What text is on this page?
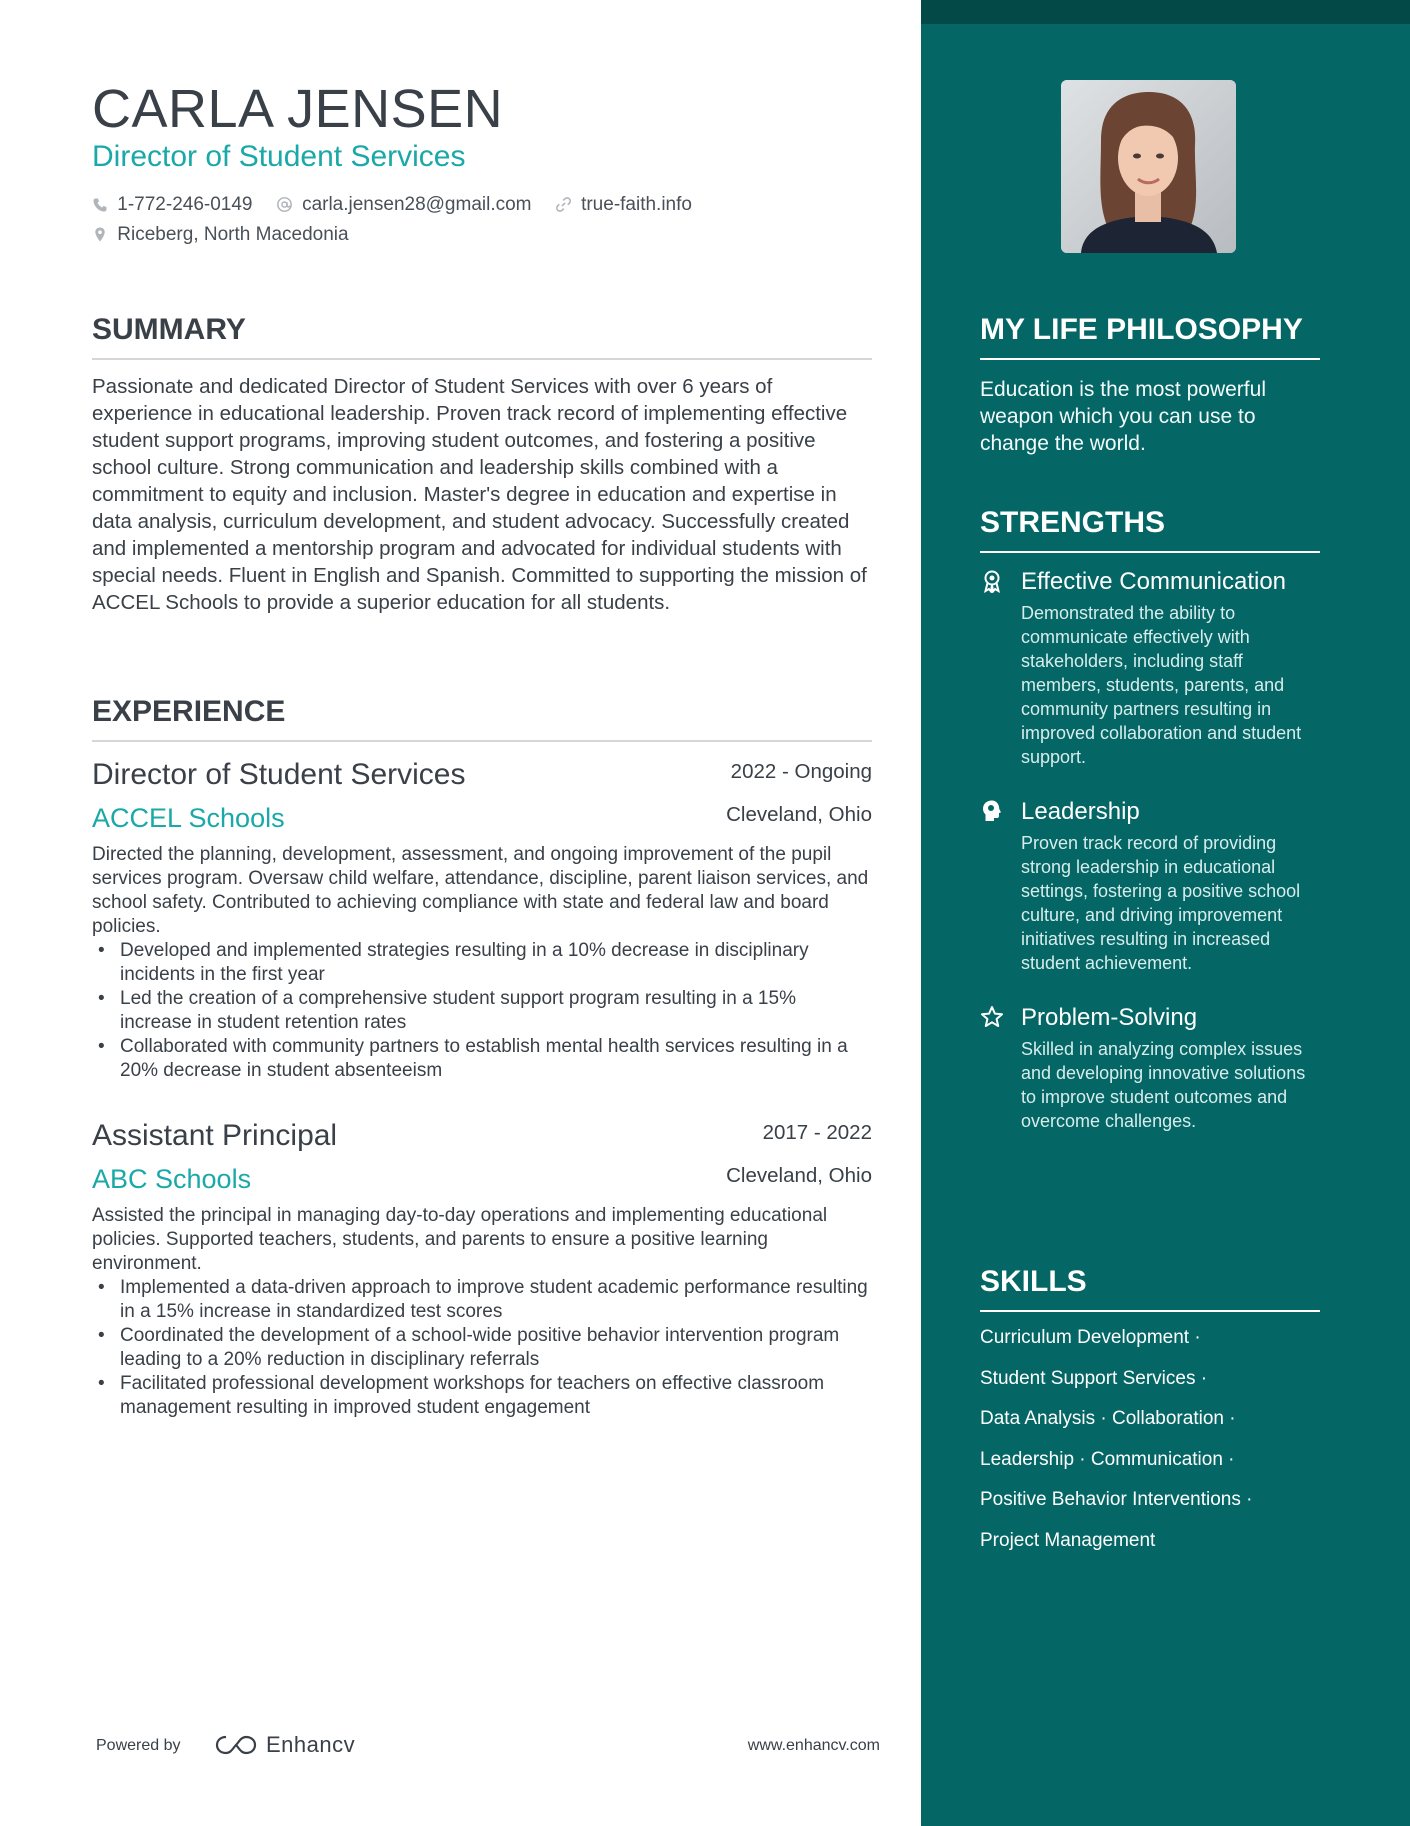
CARLA JENSEN
Director of Student Services
1-772-246-0149	carla.jensen28@gmail.com	true-faith.info
Riceberg, North Macedonia
SUMMARY
Passionate and dedicated Director of Student Services with over 6 years of experience in educational leadership. Proven track record of implementing effective student support programs, improving student outcomes, and fostering a positive school culture. Strong communication and leadership skills combined with a commitment to equity and inclusion. Master's degree in education and expertise in data analysis, curriculum development, and student advocacy. Successfully created and implemented a mentorship program and advocated for individual students with special needs. Fluent in English and Spanish. Committed to supporting the mission of ACCEL Schools to provide a superior education for all students.
EXPERIENCE
Director of Student Services	2022 - Ongoing
ACCEL Schools	Cleveland, Ohio
Directed the planning, development, assessment, and ongoing improvement of the pupil services program. Oversaw child welfare, attendance, discipline, parent liaison services, and school safety. Contributed to achieving compliance with state and federal law and board policies.
• Developed and implemented strategies resulting in a 10% decrease in disciplinary incidents in the first year
• Led the creation of a comprehensive student support program resulting in a 15% increase in student retention rates
• Collaborated with community partners to establish mental health services resulting in a 20% decrease in student absenteeism
Assistant Principal	2017 - 2022
ABC Schools	Cleveland, Ohio
Assisted the principal in managing day-to-day operations and implementing educational policies. Supported teachers, students, and parents to ensure a positive learning environment.
• Implemented a data-driven approach to improve student academic performance resulting in a 15% increase in standardized test scores
• Coordinated the development of a school-wide positive behavior intervention program leading to a 20% reduction in disciplinary referrals
• Facilitated professional development workshops for teachers on effective classroom management resulting in improved student engagement
Powered by	Enhancv	www.enhancv.com
MY LIFE PHILOSOPHY
Education is the most powerful weapon which you can use to change the world.
STRENGTHS
Effective Communication
Demonstrated the ability to communicate effectively with stakeholders, including staff members, students, parents, and community partners resulting in improved collaboration and student support.
Leadership
Proven track record of providing strong leadership in educational settings, fostering a positive school culture, and driving improvement initiatives resulting in increased student achievement.
Problem-Solving
Skilled in analyzing complex issues and developing innovative solutions to improve student outcomes and overcome challenges.
SKILLS
Curriculum Development ·
Student Support Services ·
Data Analysis · Collaboration ·
Leadership · Communication ·
Positive Behavior Interventions ·
Project Management
